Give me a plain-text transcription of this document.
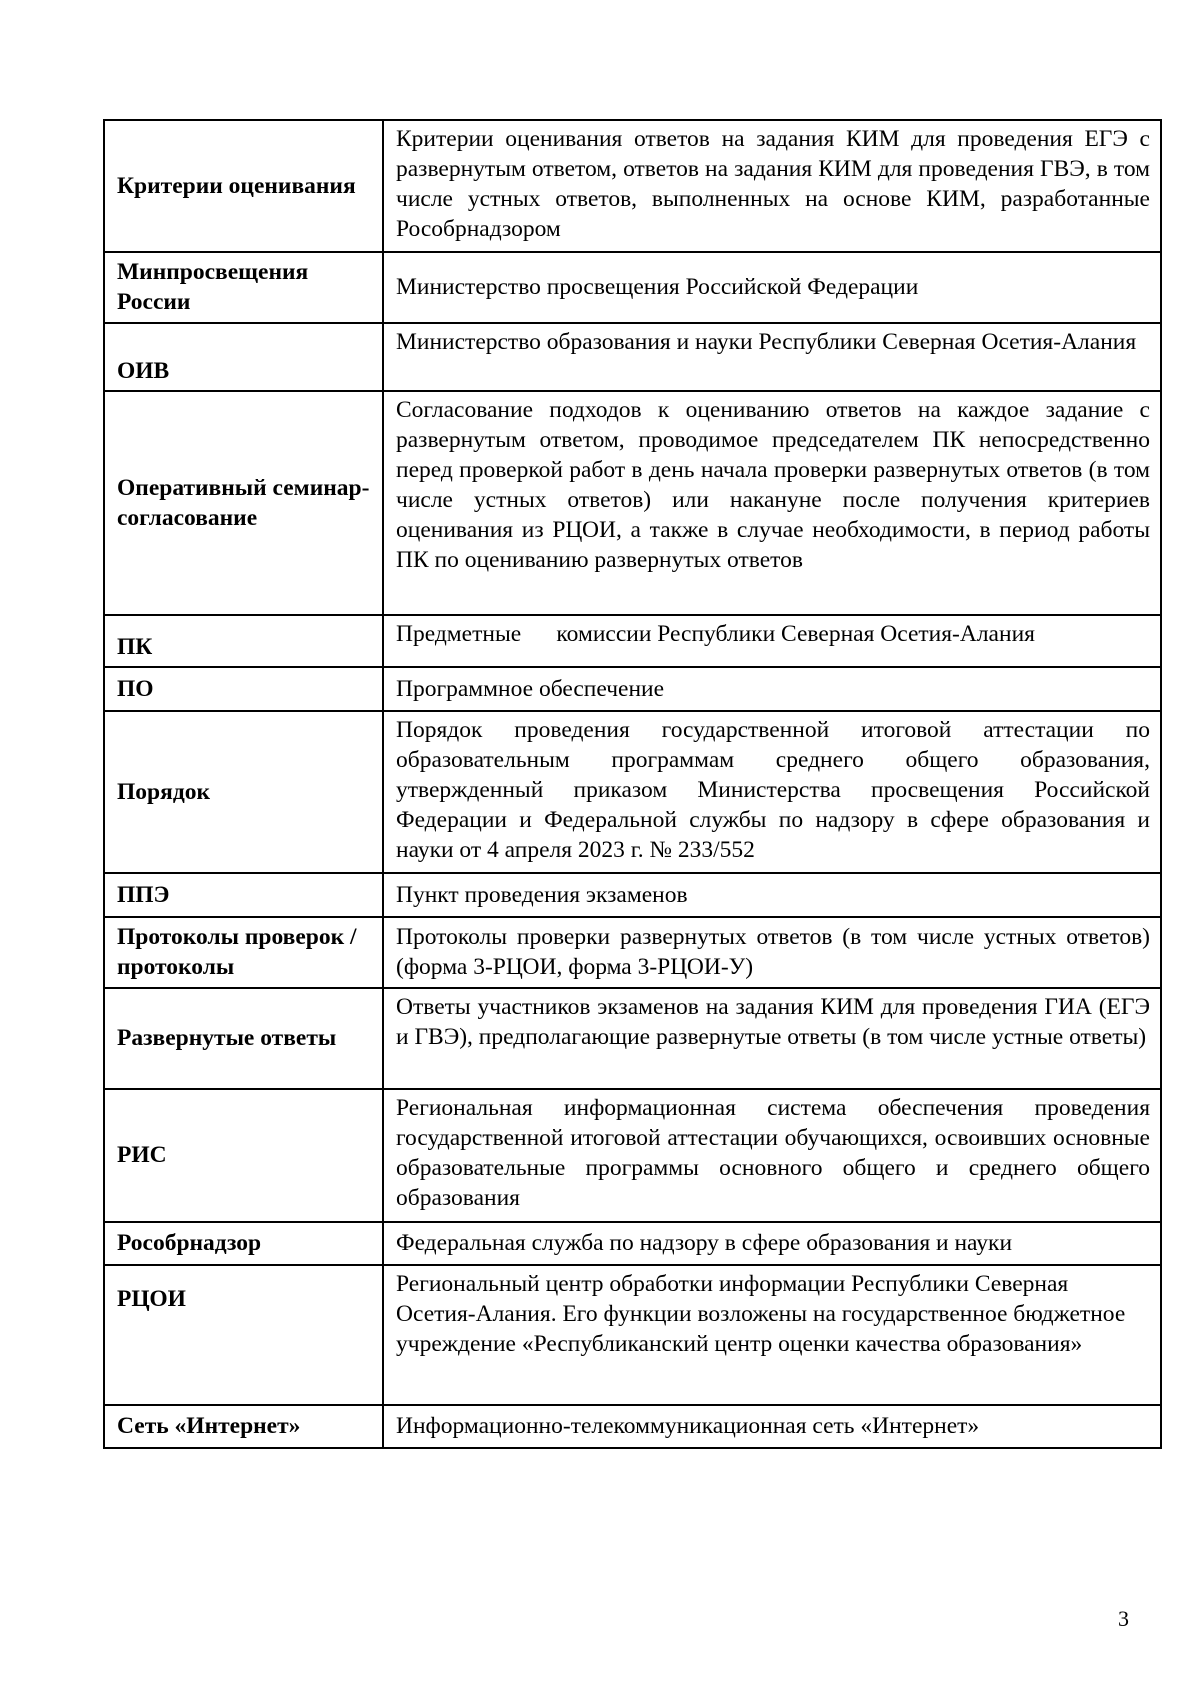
Критерии оценивания	Критерии оценивания ответов на задания КИМ для проведения ЕГЭ с развернутым ответом, ответов на задания КИМ для проведения ГВЭ, в том числе устных ответов, выполненных на основе КИМ, разработанные Рособрнадзором
Минпросвещения России	Министерство просвещения Российской Федерации
ОИВ	Министерство образования и науки Республики Северная Осетия-Алания
Оперативный семинар-согласование	Согласование подходов к оцениванию ответов на каждое задание с развернутым ответом, проводимое председателем ПК непосредственно перед проверкой работ в день начала проверки развернутых ответов (в том числе устных ответов) или накануне после получения критериев оценивания из РЦОИ, а также в случае необходимости, в период работы ПК по оцениванию развернутых ответов
ПК	Предметные      комиссии Республики Северная Осетия-Алания
ПО	Программное обеспечение
Порядок	Порядок проведения государственной итоговой аттестации по образовательным программам среднего общего образования, утвержденный приказом Министерства просвещения Российской Федерации и Федеральной службы по надзору в сфере образования и науки от 4 апреля 2023 г. № 233/552
ППЭ	Пункт проведения экзаменов
Протоколы проверок / протоколы	Протоколы проверки развернутых ответов (в том числе устных ответов) (форма 3-РЦОИ, форма 3-РЦОИ-У)
Развернутые ответы	Ответы участников экзаменов на задания КИМ для проведения ГИА (ЕГЭ и ГВЭ), предполагающие развернутые ответы (в том числе устные ответы)
РИС	Региональная информационная система обеспечения проведения государственной итоговой аттестации обучающихся, освоивших основные образовательные программы основного общего и среднего общего образования
Рособрнадзор	Федеральная служба по надзору в сфере образования и науки
РЦОИ	Региональный центр обработки информации Республики Северная Осетия-Алания. Его функции возложены на государственное бюджетное учреждение «Республиканский центр оценки качества образования»
Сеть «Интернет»	Информационно-телекоммуникационная сеть «Интернет»
3
